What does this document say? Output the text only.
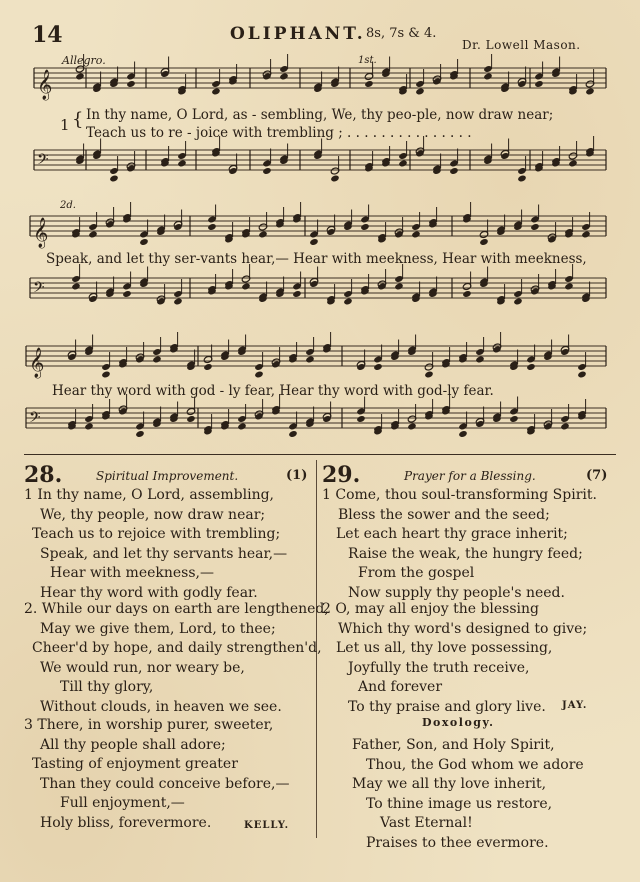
14	OLIPHANT. 8s, 7s & 4.
Dr. Lowell Mason.
𝄞
𝄢
𝄞
𝄢
𝄞
𝄢
Allegro.	1st.
2d.
1 { In thy name, O Lord, as - sembling, We, thy peo-ple, now draw near;
Teach us to re - joice with trembling ; . . . . . . . . . . . . . . .
Speak, and let thy ser-vants hear,— Hear with meekness, Hear with meekness,
Hear thy word with god - ly fear, Hear thy word with god-ly fear.
28.	Spiritual Improvement.	(1)
1 In thy name, O Lord, assembling,
We, thy people, now draw near;
Teach us to rejoice with trembling;
Speak, and let thy servants hear,—
Hear with meekness,—
Hear thy word with godly fear.
2. While our days on earth are lengthened,
May we give them, Lord, to thee;
Cheer'd by hope, and daily strengthen'd,
We would run, nor weary be,
Till thy glory,
Without clouds, in heaven we see.
3 There, in worship purer, sweeter,
All thy people shall adore;
Tasting of enjoyment greater
Than they could conceive before,—
Full enjoyment,—
Holy bliss, forevermore.	KELLY.
29.	Prayer for a Blessing.	(7)
1 Come, thou soul-transforming Spirit.
Bless the sower and the seed;
Let each heart thy grace inherit;
Raise the weak, the hungry feed;
From the gospel
Now supply thy people's need.
2 O, may all enjoy the blessing
Which thy word's designed to give;
Let us all, thy love possessing,
Joyfully the truth receive,
And forever
To thy praise and glory live.	JAY.
Doxology.
Father, Son, and Holy Spirit,
Thou, the God whom we adore
May we all thy love inherit,
To thine image us restore,
Vast Eternal!
Praises to thee evermore.
